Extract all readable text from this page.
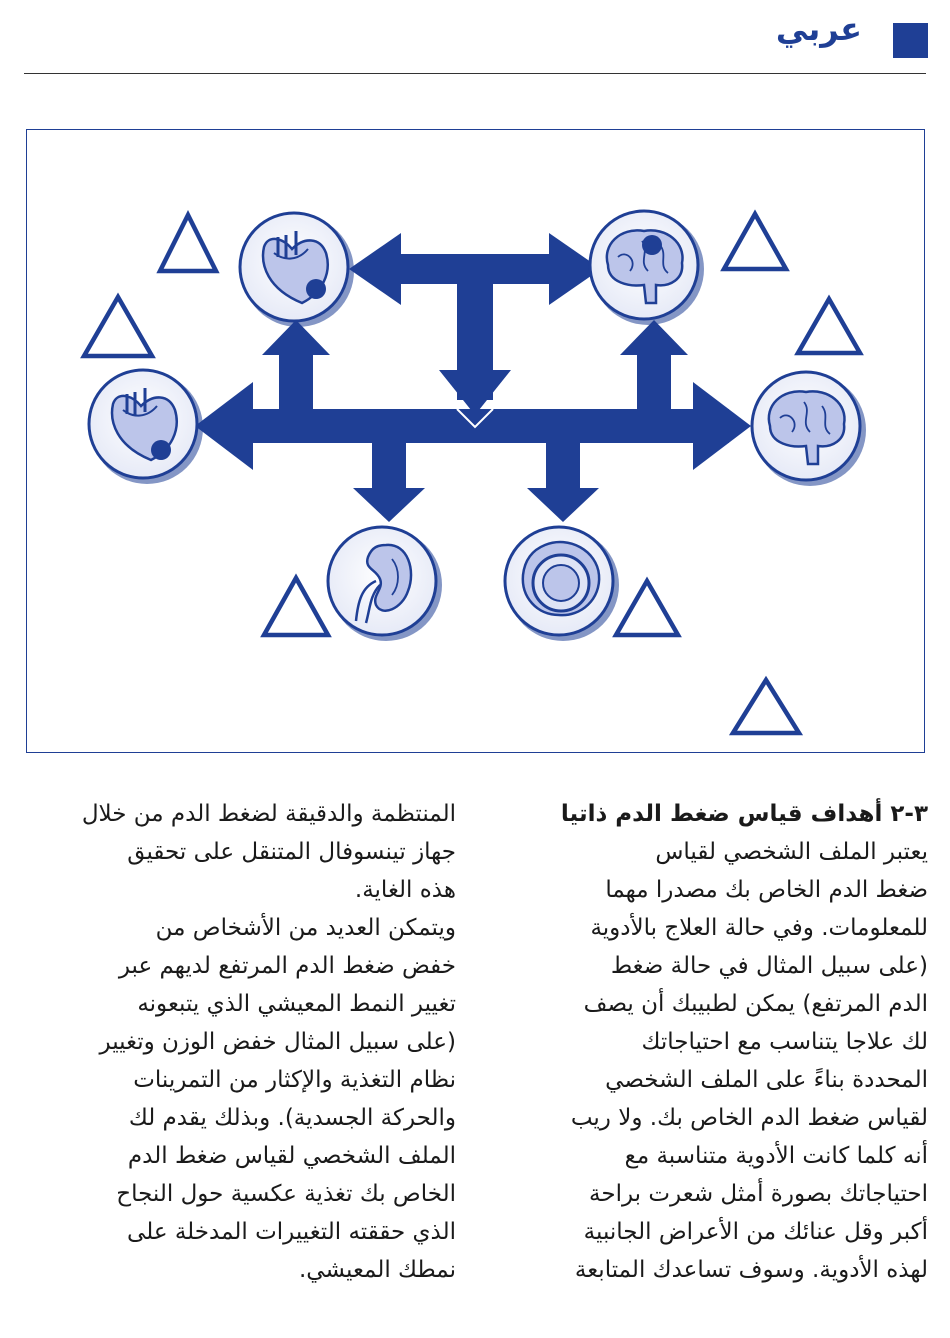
عربي

٣-٢ أهداف قياس ضغط الدم ذاتيا

يعتبر الملف الشخصي لقياس

ضغط الدم الخاص بك مصدرا مهما

للمعلومات. وفي حالة العلاج بالأدوية

(على سبيل المثال في حالة ضغط

الدم المرتفع) يمكن لطبيبك أن يصف

لك علاجا يتناسب مع احتياجاتك

المحددة بناءً على الملف الشخصي

لقياس ضغط الدم الخاص بك. ولا ريب

أنه كلما كانت الأدوية متناسبة مع

احتياجاتك بصورة أمثل شعرت براحة

أكبر وقل عنائك من الأعراض الجانبية

لهذه الأدوية. وسوف تساعدك المتابعة

المنتظمة والدقيقة لضغط الدم من خلال

جهاز تينسوفال المتنقل على تحقيق

هذه الغاية.

ويتمكن العديد من الأشخاص من

خفض ضغط الدم المرتفع لديهم عبر

تغيير النمط المعيشي الذي يتبعونه

(على سبيل المثال خفض الوزن وتغيير

نظام التغذية والإكثار من التمرينات

والحركة الجسدية). وبذلك يقدم لك

الملف الشخصي لقياس ضغط الدم

الخاص بك تغذية عكسية حول النجاح

الذي حققته التغييرات المدخلة على

نمطك المعيشي.
